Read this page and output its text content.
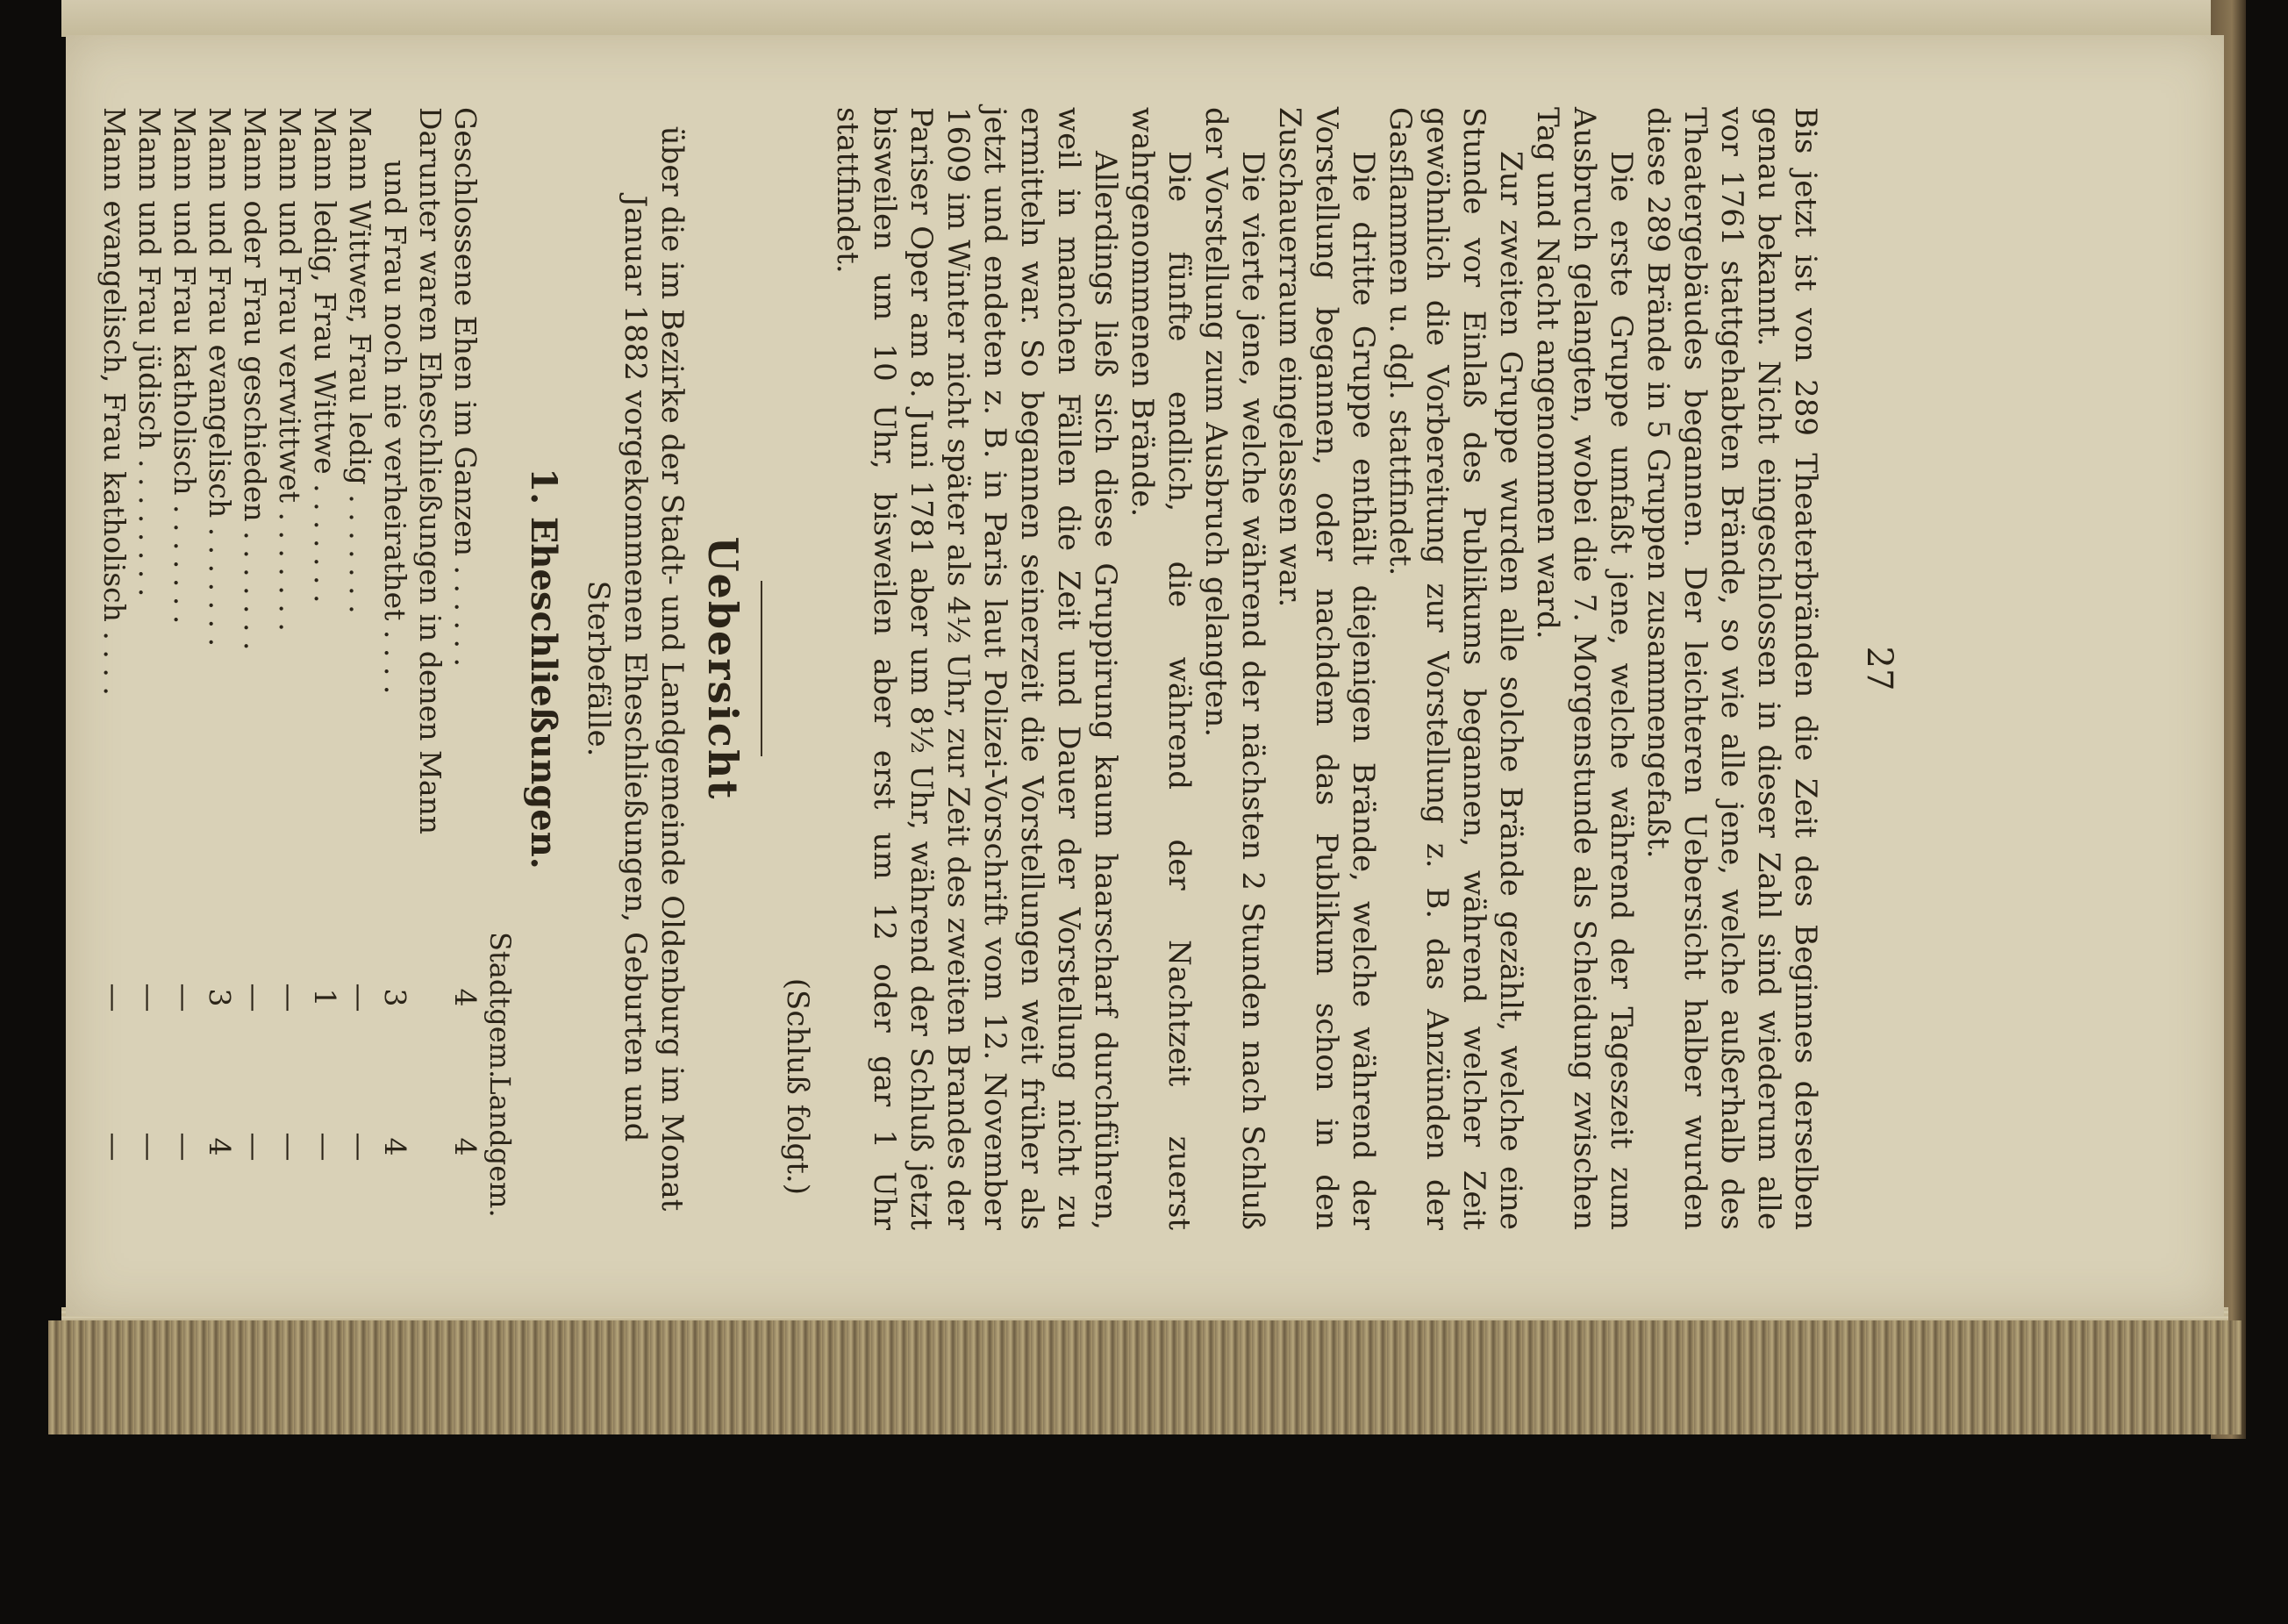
27

Bis jetzt ist von 289 Theaterbränden die Zeit des Beginnes derselben genau bekannt. Nicht eingeschlossen in dieser Zahl sind wiederum alle vor 1761 stattgehabten Brände, so wie alle jene, welche außerhalb des Theatergebäudes begannen. Der leichteren Uebersicht halber wurden diese 289 Brände in 5 Gruppen zusammengefaßt.

Die erste Gruppe umfaßt jene, welche während der Tageszeit zum Ausbruch gelangten, wobei die 7. Morgenstunde als Scheidung zwischen Tag und Nacht angenommen ward.

Zur zweiten Gruppe wurden alle solche Brände gezählt, welche eine Stunde vor Einlaß des Publikums begannen, während welcher Zeit gewöhnlich die Vorbereitung zur Vorstellung z. B. das Anzünden der Gasflammen u. dgl. stattfindet.

Die dritte Gruppe enthält diejenigen Brände, welche während der Vorstellung begannen, oder nachdem das Publikum schon in den Zuschauerraum eingelassen war.

Die vierte jene, welche während der nächsten 2 Stunden nach Schluß der Vorstellung zum Ausbruch gelangten.

Die fünfte endlich, die während der Nachtzeit zuerst wahrgenommenen Brände.

Allerdings ließ sich diese Gruppirung kaum haarscharf durchführen, weil in manchen Fällen die Zeit und Dauer der Vorstellung nicht zu ermitteln war. So begannen seinerzeit die Vorstellungen weit früher als jetzt und endeten z. B. in Paris laut Polizei-Vorschrift vom 12. November 1609 im Winter nicht später als 4½ Uhr, zur Zeit des zweiten Brandes der Pariser Oper am 8. Juni 1781 aber um 8½ Uhr, während der Schluß jetzt bisweilen um 10 Uhr, bisweilen aber erst um 12 oder gar 1 Uhr stattfindet.

(Schluß folgt.)
Uebersicht
über die im Bezirke der Stadt- und Landgemeinde Oldenburg im Monat Januar 1882 vorgekommenen Eheschließungen, Geburten und Sterbefälle.
1. Eheschließungen.
Stadtgem.
Landgem.
Geschlossene Ehen im Ganzen . . . . . .
4
4
Darunter waren Eheschließungen in denen Mann
und Frau noch nie verheirathet . . . .
3
4
Mann Wittwer, Frau ledig . . . . . . .
—
—
Mann ledig, Frau Wittwe . . . . . . .
1
—
Mann und Frau verwittwet . . . . . . .
—
—
Mann oder Frau geschieden . . . . . . .
—
—
Mann und Frau evangelisch . . . . . . .
3
4
Mann und Frau katholisch . . . . . . .
—
—
Mann und Frau jüdisch . . . . . . . .
—
—
Mann evangelisch, Frau katholisch . . . .
—
—
